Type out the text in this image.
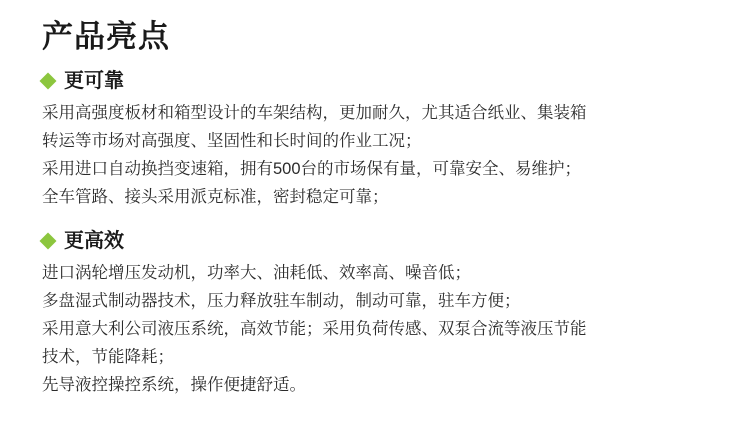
产品亮点
更可靠
采用高强度板材和箱型设计的车架结构，更加耐久，尤其适合纸业、集装箱
转运等市场对高强度、坚固性和长时间的作业工况；
采用进口自动换挡变速箱，拥有500台的市场保有量，可靠安全、易维护；
全车管路、接头采用派克标准，密封稳定可靠；
更高效
进口涡轮增压发动机，功率大、油耗低、效率高、噪音低；
多盘湿式制动器技术，压力释放驻车制动，制动可靠，驻车方便；
采用意大利公司液压系统，高效节能；采用负荷传感、双泵合流等液压节能
技术，节能降耗；
先导液控操控系统，操作便捷舒适。
